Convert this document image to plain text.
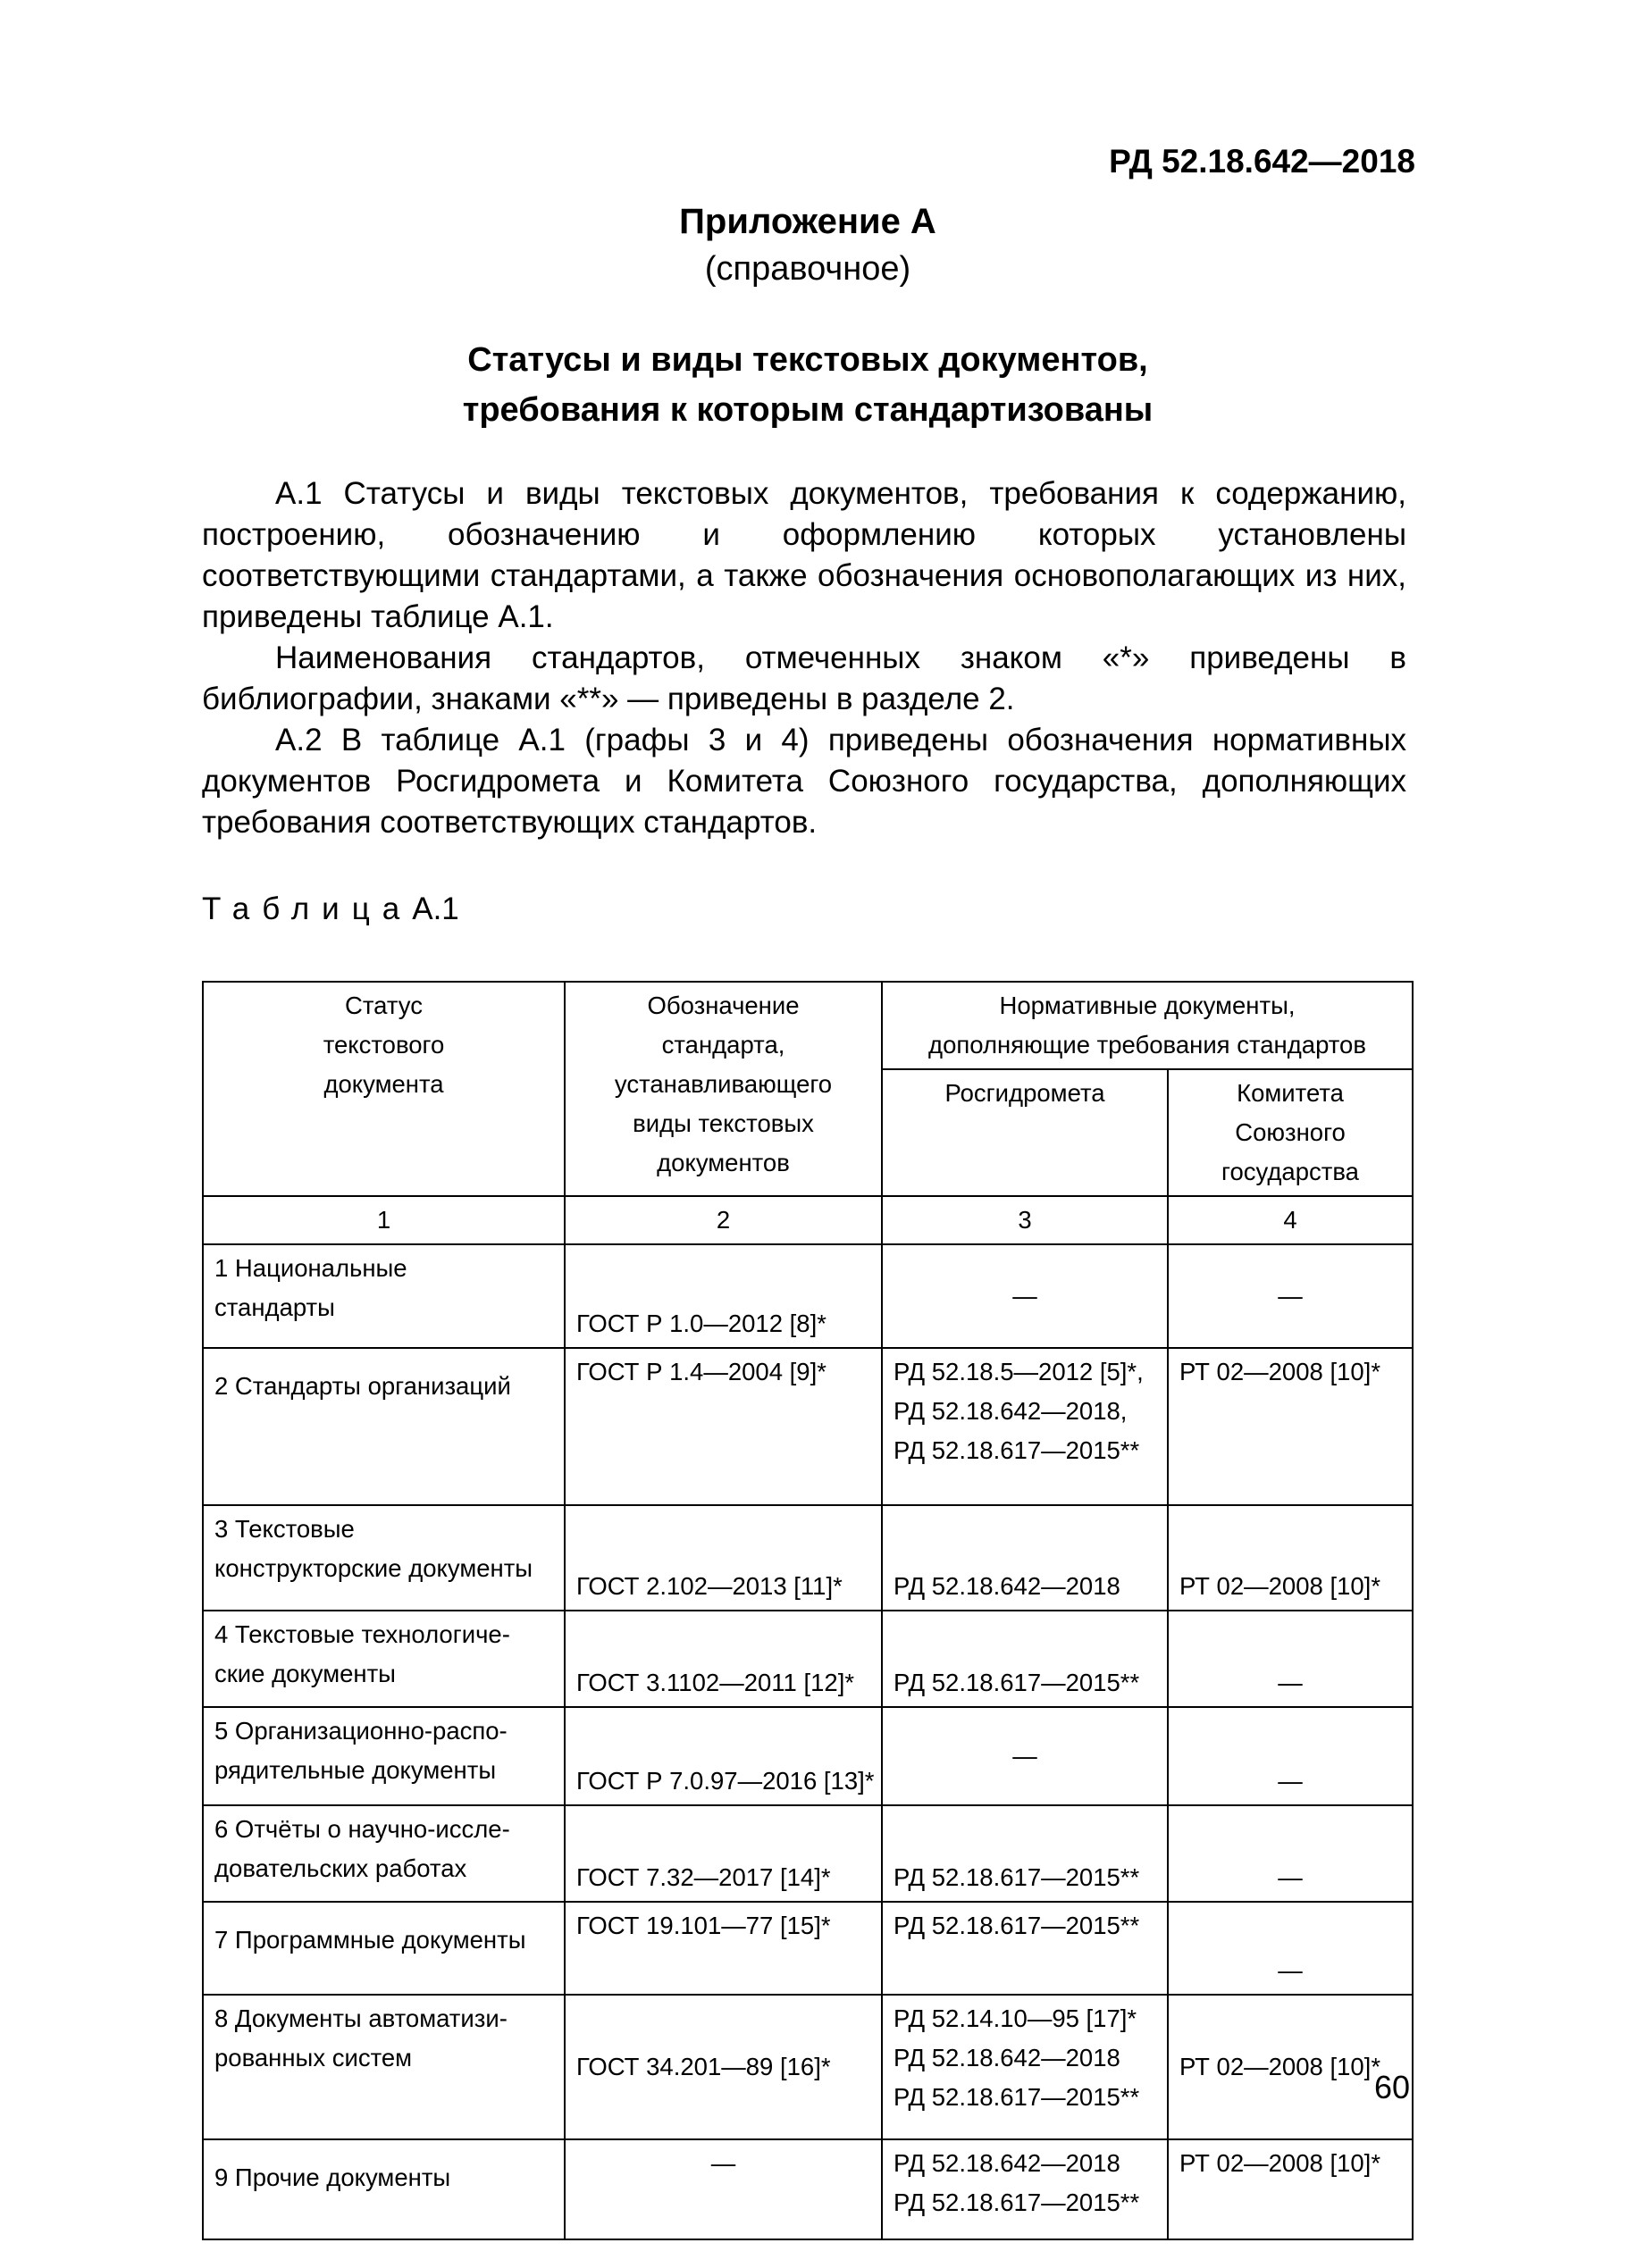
РД 52.18.642—2018
Приложение А
(справочное)
Статусы и виды текстовых документов,
требования к которым стандартизованы

А.1 Статусы и виды текстовых документов, требования к содержанию, построению, обозначению и оформлению которых установлены соответствующими стандартами, а также обозначения основополагающих из них, приведены таблице А.1.

Наименования стандартов, отмеченных знаком «*» приведены в библиографии, знаками «**» — приведены в разделе 2.

А.2 В таблице А.1 (графы 3 и 4) приведены обозначения нормативных документов Росгидромета и Комитета Союзного государства, дополняющих требования соответствующих стандартов.

ТаблицаА.1
Статус
текстового
документа	Обозначение
стандарта,
устанавливающего
виды текстовых
документов	Нормативные документы,
дополняющие требования стандартов	

		Росгидромета	Комитета
Союзного
государства

1	2	3	4

1 Национальные
стандарты	ГОСТ Р 1.0—2012 [8]*	—	—

2 Стандарты организаций	ГОСТ Р 1.4—2004 [9]*	РД 52.18.5—2012 [5]*,
РД 52.18.642—2018,
РД 52.18.617—2015**	РТ 02—2008 [10]*

3 Текстовые
конструкторские документы	ГОСТ 2.102—2013 [11]*	РД 52.18.642—2018	РТ 02—2008 [10]*

4 Текстовые технологиче-
ские документы	ГОСТ 3.1102—2011 [12]*	РД 52.18.617—2015**	—

5 Организационно-распо-
рядительные документы	ГОСТ Р 7.0.97—2016 [13]*	—	—

6 Отчёты о научно-иссле-
довательских работах	ГОСТ 7.32—2017 [14]*	РД 52.18.617—2015**	—

7 Программные документы	ГОСТ 19.101—77 [15]*	РД 52.18.617—2015**	—

8 Документы автоматизи-
рованных систем	ГОСТ 34.201—89 [16]*	РД 52.14.10—95 [17]*
РД 52.18.642—2018
РД 52.18.617—2015**	РТ 02—2008 [10]*

9 Прочие документы	—	РД 52.18.642—2018
РД 52.18.617—2015**	РТ 02—2008 [10]*
60
